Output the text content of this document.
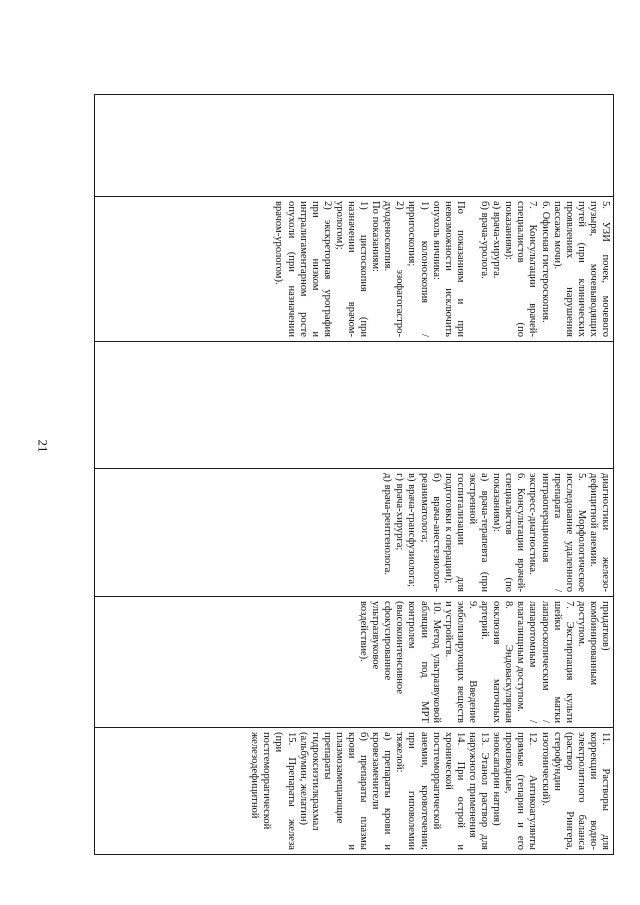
21

5. УЗИ почек, мочевого пузыря, мочевыводящих путей (при клинических проявлениях нарушения пассажа мочи).
6. Офисная гистероскопия.
7. Консультации врачей-специалистов (по показаниям):
а) врача-хирурга.
б) врача-уролога.

По показаниям и при невозможности исключить опухоль яичника:
1) колоноскопия / ирригоскопия;
2) эзофагогастро-дуоденоскопия.
По показаниям:
1) цистоскопия (при назначении врачом-урологом);
2) экскреторная урография при низком и интралигаментарном росте опухоли (при назначении врачом-урологом).

диагностики железо-дефицитной анемии.
5. Морфологическое исследование удаленного препарата / интраоперационная экспресс-диагностика.
6. Консультации врачей-специалистов (по показаниям):
а) врача-терапевта (при экстренной госпитализации для подготовки к операции);
б) врача-анестезиолога-реаниматолога;
в) врача-трансфузиолога;
г) врача-хирурга;
д) врача-рентгенолога.

придатков) комбинированным доступом.
7. Экстирпация культи шейки матки лапароскопическим / лапаротомным / влагалищным доступом.
8. Эндоваскулярная окклюзия маточных артерий.
9. Введение эмболизирующих веществ и устройств.
10. Метод ультразвуковой абляции под МРТ контролем (высокоинтенсивное сфокусированное ультразвуковое воздействие).

11. Растворы для коррекции водно-электролитного баланса (раствор Рингера, стерофундин изотонический).
12. Антикоагулянты прямые (гепарин и его производные, эноксапарин натрия)
13. Этанол раствор для наружного применения
14. При острой и хронической постгеморрагической анемии, кровотечении; при гиповолемии тяжелой:
а) препараты крови и кровезаменители
б) препараты плазмы крови и плазмозамещающие препараты гидроксиэтилкрахмал (альбумин, желатин)
15. Препараты железа (при постгеморрагической железодефицитной
